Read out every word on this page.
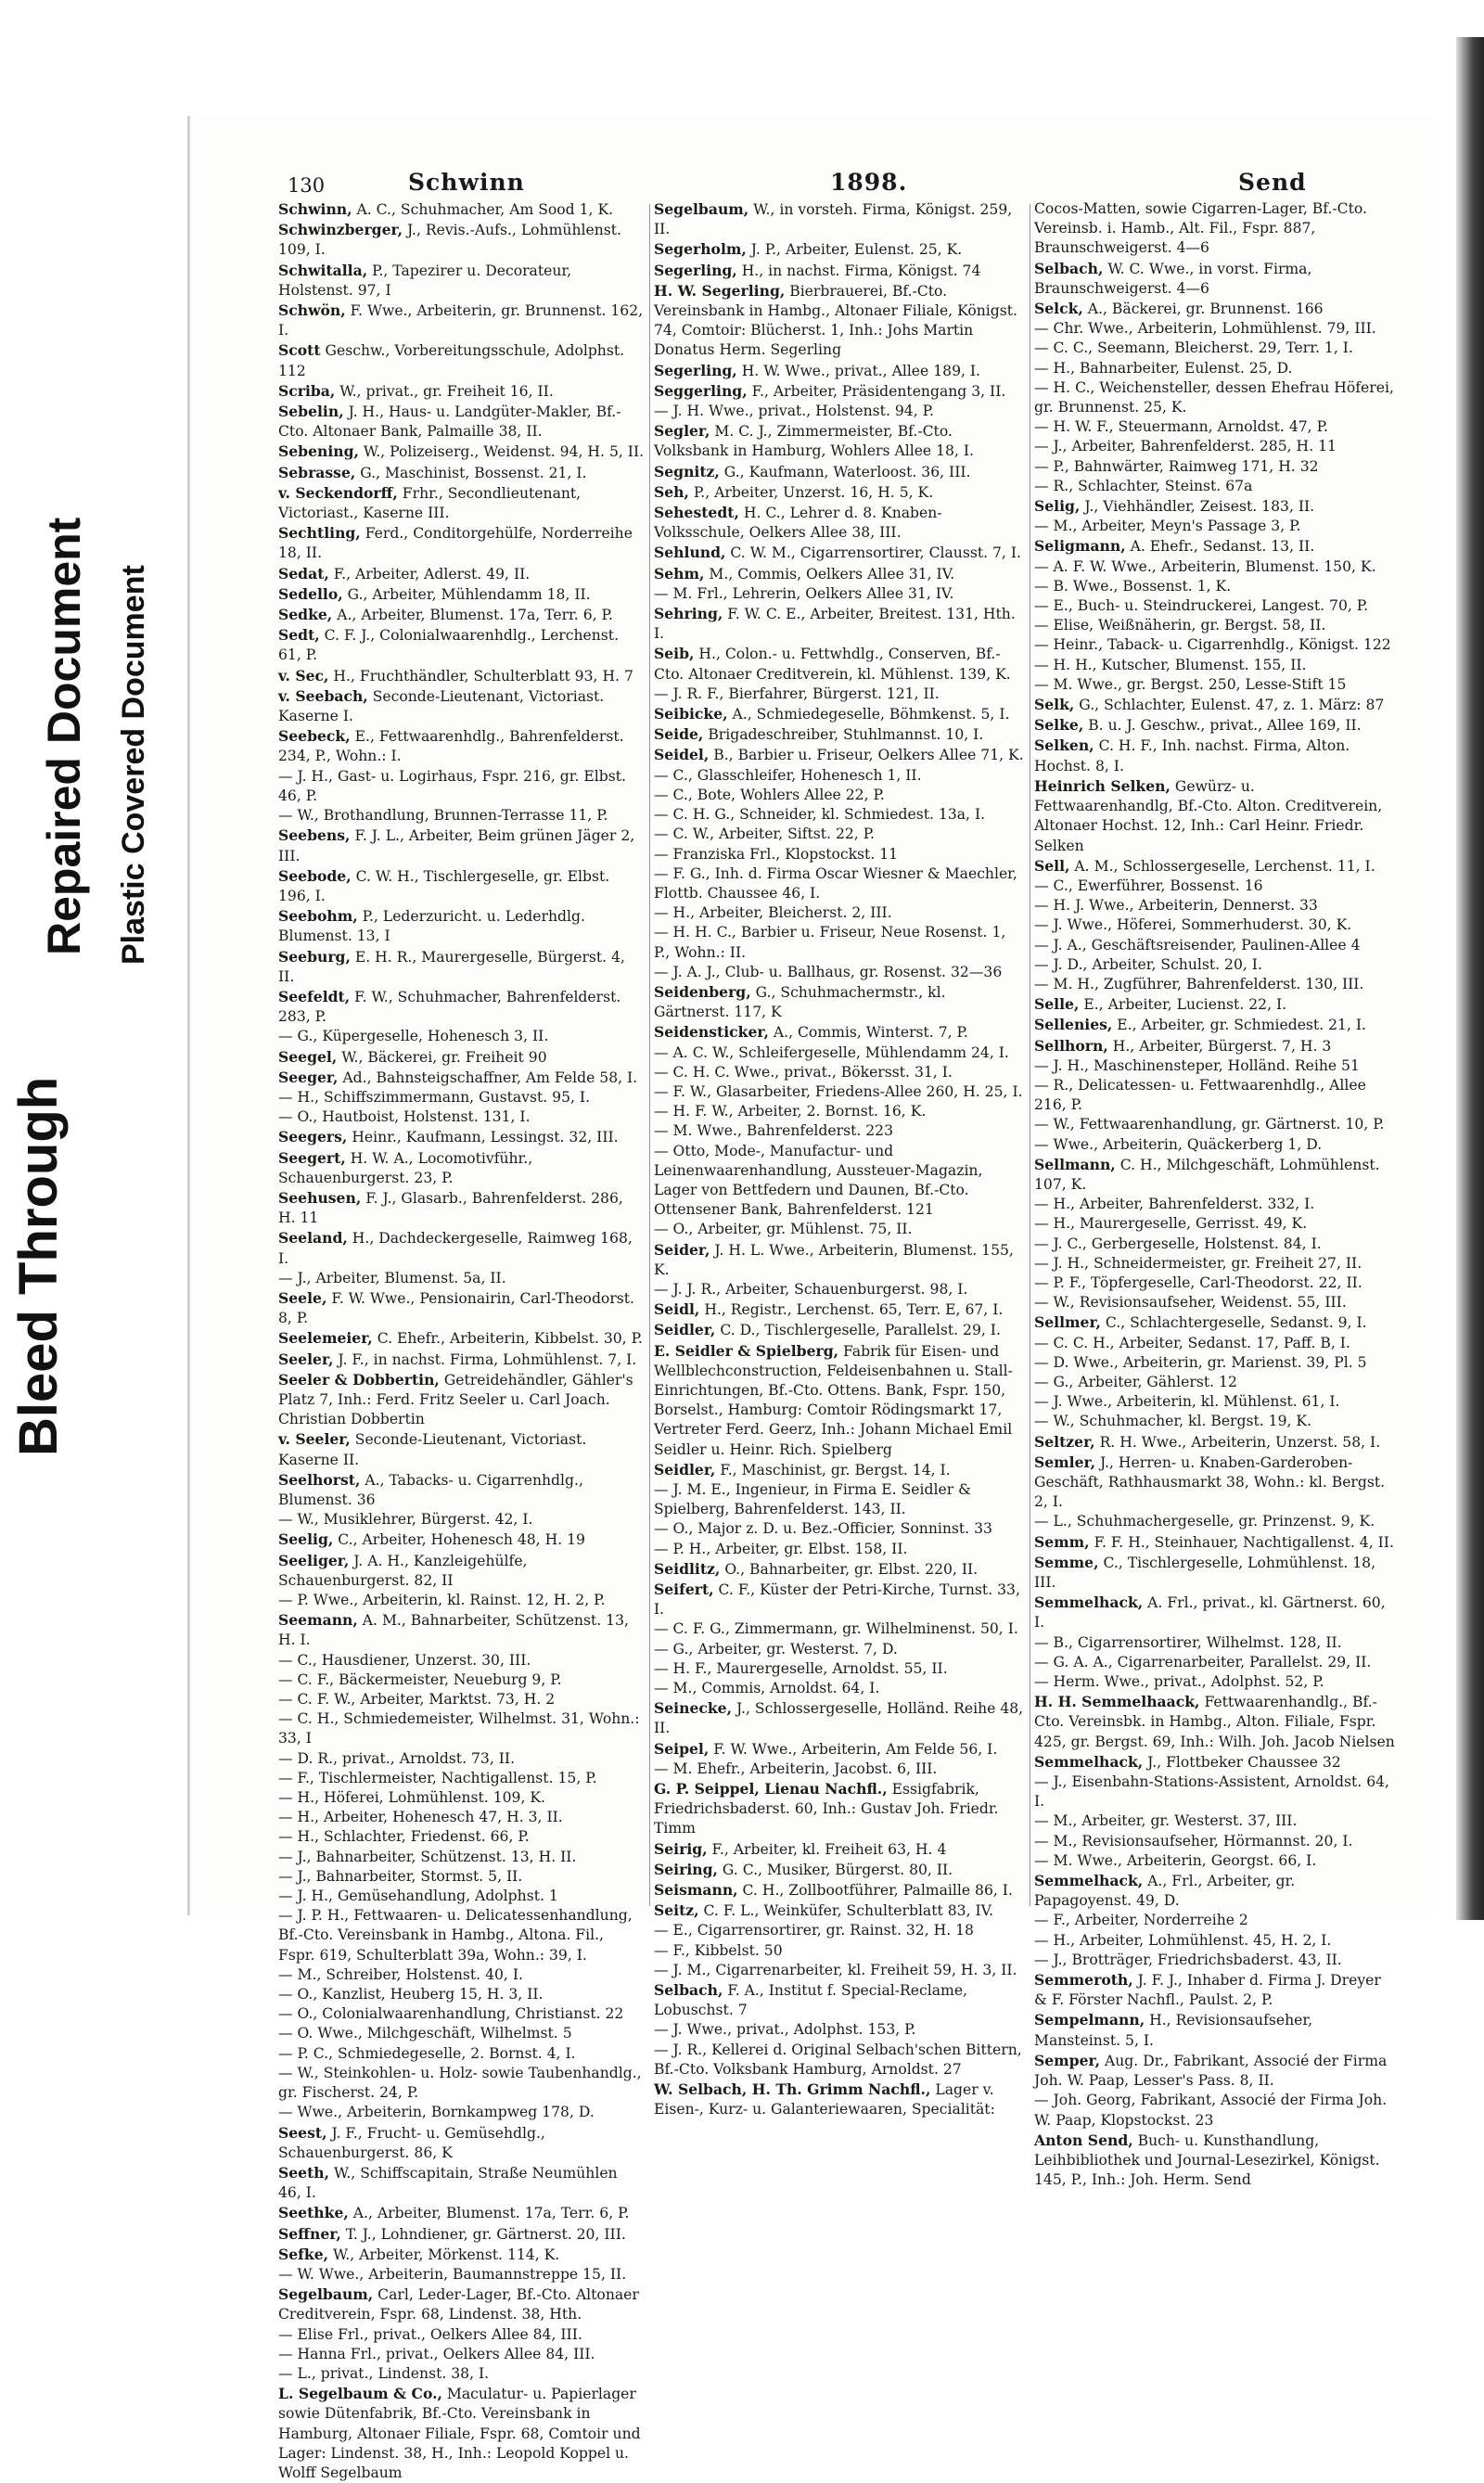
Bleed Through
Repaired Document Plastic Covered Document
130	Schwinn	1898.	Send

Schwinn, A. C., Schuhmacher, Am Sood 1, K.

Schwinzberger, J., Revis.-Aufs., Lohmühlenst. 109, I.

Schwitalla, P., Tapezirer u. Decorateur, Holstenst. 97, I

Schwön, F. Wwe., Arbeiterin, gr. Brunnenst. 162, I.

Scott Geschw., Vorbereitungsschule, Adolphst. 112

Scriba, W., privat., gr. Freiheit 16, II.

Sebelin, J. H., Haus- u. Landgüter-Makler, Bf.-Cto. Altonaer Bank, Palmaille 38, II.

Sebening, W., Polizeiserg., Weidenst. 94, H. 5, II.

Sebrasse, G., Maschinist, Bossenst. 21, I.

v. Seckendorff, Frhr., Secondlieutenant, Victoriast., Kaserne III.

Sechtling, Ferd., Conditorgehülfe, Norderreihe 18, II.

Sedat, F., Arbeiter, Adlerst. 49, II.

Sedello, G., Arbeiter, Mühlendamm 18, II.

Sedke, A., Arbeiter, Blumenst. 17a, Terr. 6, P.

Sedt, C. F. J., Colonialwaarenhdlg., Lerchenst. 61, P.

v. Sec, H., Fruchthändler, Schulterblatt 93, H. 7

v. Seebach, Seconde-Lieutenant, Victoriast. Kaserne I.

Seebeck, E., Fettwaarenhdlg., Bahrenfelderst. 234, P., Wohn.: I.

— J. H., Gast- u. Logirhaus, Fspr. 216, gr. Elbst. 46, P.

— W., Brothandlung, Brunnen-Terrasse 11, P.

Seebens, F. J. L., Arbeiter, Beim grünen Jäger 2, III.

Seebode, C. W. H., Tischlergeselle, gr. Elbst. 196, I.

Seebohm, P., Lederzuricht. u. Lederhdlg. Blumenst. 13, I

Seeburg, E. H. R., Maurergeselle, Bürgerst. 4, II.

Seefeldt, F. W., Schuhmacher, Bahrenfelderst. 283, P.

— G., Küpergeselle, Hohenesch 3, II.

Seegel, W., Bäckerei, gr. Freiheit 90

Seeger, Ad., Bahnsteigschaffner, Am Felde 58, I.

— H., Schiffszimmermann, Gustavst. 95, I.

— O., Hautboist, Holstenst. 131, I.

Seegers, Heinr., Kaufmann, Lessingst. 32, III.

Seegert, H. W. A., Locomotivführ., Schauenburgerst. 23, P.

Seehusen, F. J., Glasarb., Bahrenfelderst. 286, H. 11

Seeland, H., Dachdeckergeselle, Raimweg 168, I.

— J., Arbeiter, Blumenst. 5a, II.

Seele, F. W. Wwe., Pensionairin, Carl-Theodorst. 8, P.

Seelemeier, C. Ehefr., Arbeiterin, Kibbelst. 30, P.

Seeler, J. F., in nachst. Firma, Lohmühlenst. 7, I.

Seeler & Dobbertin, Getreidehändler, Gähler's Platz 7, Inh.: Ferd. Fritz Seeler u. Carl Joach. Christian Dobbertin

v. Seeler, Seconde-Lieutenant, Victoriast. Kaserne II.

Seelhorst, A., Tabacks- u. Cigarrenhdlg., Blumenst. 36

— W., Musiklehrer, Bürgerst. 42, I.

Seelig, C., Arbeiter, Hohenesch 48, H. 19

Seeliger, J. A. H., Kanzleigehülfe, Schauenburgerst. 82, II

— P. Wwe., Arbeiterin, kl. Rainst. 12, H. 2, P.

Seemann, A. M., Bahnarbeiter, Schützenst. 13, H. I.

— C., Hausdiener, Unzerst. 30, III.

— C. F., Bäckermeister, Neueburg 9, P.

— C. F. W., Arbeiter, Marktst. 73, H. 2

— C. H., Schmiedemeister, Wilhelmst. 31, Wohn.: 33, I

— D. R., privat., Arnoldst. 73, II.

— F., Tischlermeister, Nachtigallenst. 15, P.

— H., Höferei, Lohmühlenst. 109, K.

— H., Arbeiter, Hohenesch 47, H. 3, II.

— H., Schlachter, Friedenst. 66, P.

— J., Bahnarbeiter, Schützenst. 13, H. II.

— J., Bahnarbeiter, Stormst. 5, II.

— J. H., Gemüsehandlung, Adolphst. 1

— J. P. H., Fettwaaren- u. Delicatessenhandlung, Bf.-Cto. Vereinsbank in Hambg., Altona. Fil., Fspr. 619, Schulterblatt 39a, Wohn.: 39, I.

— M., Schreiber, Holstenst. 40, I.

— O., Kanzlist, Heuberg 15, H. 3, II.

— O., Colonialwaarenhandlung, Christianst. 22

— O. Wwe., Milchgeschäft, Wilhelmst. 5

— P. C., Schmiedegeselle, 2. Bornst. 4, I.

— W., Steinkohlen- u. Holz- sowie Taubenhandlg., gr. Fischerst. 24, P.

— Wwe., Arbeiterin, Bornkampweg 178, D.

Seest, J. F., Frucht- u. Gemüsehdlg., Schauenburgerst. 86, K

Seeth, W., Schiffscapitain, Straße Neumühlen 46, I.

Seethke, A., Arbeiter, Blumenst. 17a, Terr. 6, P.

Seffner, T. J., Lohndiener, gr. Gärtnerst. 20, III.

Sefke, W., Arbeiter, Mörkenst. 114, K.

— W. Wwe., Arbeiterin, Baumannstreppe 15, II.

Segelbaum, Carl, Leder-Lager, Bf.-Cto. Altonaer Creditverein, Fspr. 68, Lindenst. 38, Hth.

— Elise Frl., privat., Oelkers Allee 84, III.

— Hanna Frl., privat., Oelkers Allee 84, III.

— L., privat., Lindenst. 38, I.

L. Segelbaum & Co., Maculatur- u. Papierlager sowie Dütenfabrik, Bf.-Cto. Vereinsbank in Hamburg, Altonaer Filiale, Fspr. 68, Comtoir und Lager: Lindenst. 38, H., Inh.: Leopold Koppel u. Wolff Segelbaum

Segelbaum, W., in vorsteh. Firma, Königst. 259, II.

Segerholm, J. P., Arbeiter, Eulenst. 25, K.

Segerling, H., in nachst. Firma, Königst. 74

H. W. Segerling, Bierbrauerei, Bf.-Cto. Vereinsbank in Hambg., Altonaer Filiale, Königst. 74, Comtoir: Blücherst. 1, Inh.: Johs Martin Donatus Herm. Segerling

Segerling, H. W. Wwe., privat., Allee 189, I.

Seggerling, F., Arbeiter, Präsidentengang 3, II.

— J. H. Wwe., privat., Holstenst. 94, P.

Segler, M. C. J., Zimmermeister, Bf.-Cto. Volksbank in Hamburg, Wohlers Allee 18, I.

Segnitz, G., Kaufmann, Waterloost. 36, III.

Seh, P., Arbeiter, Unzerst. 16, H. 5, K.

Sehestedt, H. C., Lehrer d. 8. Knaben-Volksschule, Oelkers Allee 38, III.

Sehlund, C. W. M., Cigarrensortirer, Clausst. 7, I.

Sehm, M., Commis, Oelkers Allee 31, IV.

— M. Frl., Lehrerin, Oelkers Allee 31, IV.

Sehring, F. W. C. E., Arbeiter, Breitest. 131, Hth. I.

Seib, H., Colon.- u. Fettwhdlg., Conserven, Bf.-Cto. Altonaer Creditverein, kl. Mühlenst. 139, K.

— J. R. F., Bierfahrer, Bürgerst. 121, II.

Seibicke, A., Schmiedegeselle, Böhmkenst. 5, I.

Seide, Brigadeschreiber, Stuhlmannst. 10, I.

Seidel, B., Barbier u. Friseur, Oelkers Allee 71, K.

— C., Glasschleifer, Hohenesch 1, II.

— C., Bote, Wohlers Allee 22, P.

— C. H. G., Schneider, kl. Schmiedest. 13a, I.

— C. W., Arbeiter, Siftst. 22, P.

— Franziska Frl., Klopstockst. 11

— F. G., Inh. d. Firma Oscar Wiesner & Maechler, Flottb. Chaussee 46, I.

— H., Arbeiter, Bleicherst. 2, III.

— H. H. C., Barbier u. Friseur, Neue Rosenst. 1, P., Wohn.: II.

— J. A. J., Club- u. Ballhaus, gr. Rosenst. 32—36

Seidenberg, G., Schuhmachermstr., kl. Gärtnerst. 117, K

Seidensticker, A., Commis, Winterst. 7, P.

— A. C. W., Schleifergeselle, Mühlendamm 24, I.

— C. H. C. Wwe., privat., Bökersst. 31, I.

— F. W., Glasarbeiter, Friedens-Allee 260, H. 25, I.

— H. F. W., Arbeiter, 2. Bornst. 16, K.

— M. Wwe., Bahrenfelderst. 223

— Otto, Mode-, Manufactur- und Leinenwaarenhandlung, Aussteuer-Magazin, Lager von Bettfedern und Daunen, Bf.-Cto. Ottensener Bank, Bahrenfelderst. 121

— O., Arbeiter, gr. Mühlenst. 75, II.

Seider, J. H. L. Wwe., Arbeiterin, Blumenst. 155, K.

— J. J. R., Arbeiter, Schauenburgerst. 98, I.

Seidl, H., Registr., Lerchenst. 65, Terr. E, 67, I.

Seidler, C. D., Tischlergeselle, Parallelst. 29, I.

E. Seidler & Spielberg, Fabrik für Eisen- und Wellblechconstruction, Feldeisenbahnen u. Stall-Einrichtungen, Bf.-Cto. Ottens. Bank, Fspr. 150, Borselst., Hamburg: Comtoir Rödingsmarkt 17, Vertreter Ferd. Geerz, Inh.: Johann Michael Emil Seidler u. Heinr. Rich. Spielberg

Seidler, F., Maschinist, gr. Bergst. 14, I.

— J. M. E., Ingenieur, in Firma E. Seidler & Spielberg, Bahrenfelderst. 143, II.

— O., Major z. D. u. Bez.-Officier, Sonninst. 33

— P. H., Arbeiter, gr. Elbst. 158, II.

Seidlitz, O., Bahnarbeiter, gr. Elbst. 220, II.

Seifert, C. F., Küster der Petri-Kirche, Turnst. 33, I.

— C. F. G., Zimmermann, gr. Wilhelminenst. 50, I.

— G., Arbeiter, gr. Westerst. 7, D.

— H. F., Maurergeselle, Arnoldst. 55, II.

— M., Commis, Arnoldst. 64, I.

Seinecke, J., Schlossergeselle, Holländ. Reihe 48, II.

Seipel, F. W. Wwe., Arbeiterin, Am Felde 56, I.

— M. Ehefr., Arbeiterin, Jacobst. 6, III.

G. P. Seippel, Lienau Nachfl., Essigfabrik, Friedrichsbaderst. 60, Inh.: Gustav Joh. Friedr. Timm

Seirig, F., Arbeiter, kl. Freiheit 63, H. 4

Seiring, G. C., Musiker, Bürgerst. 80, II.

Seismann, C. H., Zollbootführer, Palmaille 86, I.

Seitz, C. F. L., Weinküfer, Schulterblatt 83, IV.

— E., Cigarrensortirer, gr. Rainst. 32, H. 18

— F., Kibbelst. 50

— J. M., Cigarrenarbeiter, kl. Freiheit 59, H. 3, II.

Selbach, F. A., Institut f. Special-Reclame, Lobuschst. 7

— J. Wwe., privat., Adolphst. 153, P.

— J. R., Kellerei d. Original Selbach'schen Bittern, Bf.-Cto. Volksbank Hamburg, Arnoldst. 27

W. Selbach, H. Th. Grimm Nachfl., Lager v. Eisen-, Kurz- u. Galanteriewaaren, Specialität:

Cocos-Matten, sowie Cigarren-Lager, Bf.-Cto. Vereinsb. i. Hamb., Alt. Fil., Fspr. 887, Braunschweigerst. 4—6

Selbach, W. C. Wwe., in vorst. Firma, Braunschweigerst. 4—6

Selck, A., Bäckerei, gr. Brunnenst. 166

— Chr. Wwe., Arbeiterin, Lohmühlenst. 79, III.

— C. C., Seemann, Bleicherst. 29, Terr. 1, I.

— H., Bahnarbeiter, Eulenst. 25, D.

— H. C., Weichensteller, dessen Ehefrau Höferei, gr. Brunnenst. 25, K.

— H. W. F., Steuermann, Arnoldst. 47, P.

— J., Arbeiter, Bahrenfelderst. 285, H. 11

— P., Bahnwärter, Raimweg 171, H. 32

— R., Schlachter, Steinst. 67a

Selig, J., Viehhändler, Zeisest. 183, II.

— M., Arbeiter, Meyn's Passage 3, P.

Seligmann, A. Ehefr., Sedanst. 13, II.

— A. F. W. Wwe., Arbeiterin, Blumenst. 150, K.

— B. Wwe., Bossenst. 1, K.

— E., Buch- u. Steindruckerei, Langest. 70, P.

— Elise, Weißnäherin, gr. Bergst. 58, II.

— Heinr., Taback- u. Cigarrenhdlg., Königst. 122

— H. H., Kutscher, Blumenst. 155, II.

— M. Wwe., gr. Bergst. 250, Lesse-Stift 15

Selk, G., Schlachter, Eulenst. 47, z. 1. März: 87

Selke, B. u. J. Geschw., privat., Allee 169, II.

Selken, C. H. F., Inh. nachst. Firma, Alton. Hochst. 8, I.

Heinrich Selken, Gewürz- u. Fettwaarenhandlg, Bf.-Cto. Alton. Creditverein, Altonaer Hochst. 12, Inh.: Carl Heinr. Friedr. Selken

Sell, A. M., Schlossergeselle, Lerchenst. 11, I.

— C., Ewerführer, Bossenst. 16

— H. J. Wwe., Arbeiterin, Dennerst. 33

— J. Wwe., Höferei, Sommerhuderst. 30, K.

— J. A., Geschäftsreisender, Paulinen-Allee 4

— J. D., Arbeiter, Schulst. 20, I.

— M. H., Zugführer, Bahrenfelderst. 130, III.

Selle, E., Arbeiter, Lucienst. 22, I.

Sellenies, E., Arbeiter, gr. Schmiedest. 21, I.

Sellhorn, H., Arbeiter, Bürgerst. 7, H. 3

— J. H., Maschinensteper, Holländ. Reihe 51

— R., Delicatessen- u. Fettwaarenhdlg., Allee 216, P.

— W., Fettwaarenhandlung, gr. Gärtnerst. 10, P.

— Wwe., Arbeiterin, Quäckerberg 1, D.

Sellmann, C. H., Milchgeschäft, Lohmühlenst. 107, K.

— H., Arbeiter, Bahrenfelderst. 332, I.

— H., Maurergeselle, Gerrisst. 49, K.

— J. C., Gerbergeselle, Holstenst. 84, I.

— J. H., Schneidermeister, gr. Freiheit 27, II.

— P. F., Töpfergeselle, Carl-Theodorst. 22, II.

— W., Revisionsaufseher, Weidenst. 55, III.

Sellmer, C., Schlachtergeselle, Sedanst. 9, I.

— C. C. H., Arbeiter, Sedanst. 17, Paff. B, I.

— D. Wwe., Arbeiterin, gr. Marienst. 39, Pl. 5

— G., Arbeiter, Gählerst. 12

— J. Wwe., Arbeiterin, kl. Mühlenst. 61, I.

— W., Schuhmacher, kl. Bergst. 19, K.

Seltzer, R. H. Wwe., Arbeiterin, Unzerst. 58, I.

Semler, J., Herren- u. Knaben-Garderoben-Geschäft, Rathhausmarkt 38, Wohn.: kl. Bergst. 2, I.

— L., Schuhmachergeselle, gr. Prinzenst. 9, K.

Semm, F. F. H., Steinhauer, Nachtigallenst. 4, II.

Semme, C., Tischlergeselle, Lohmühlenst. 18, III.

Semmelhack, A. Frl., privat., kl. Gärtnerst. 60, I.

— B., Cigarrensortirer, Wilhelmst. 128, II.

— G. A. A., Cigarrenarbeiter, Parallelst. 29, II.

— Herm. Wwe., privat., Adolphst. 52, P.

H. H. Semmelhaack, Fettwaarenhandlg., Bf.-Cto. Vereinsbk. in Hambg., Alton. Filiale, Fspr. 425, gr. Bergst. 69, Inh.: Wilh. Joh. Jacob Nielsen

Semmelhack, J., Flottbeker Chaussee 32

— J., Eisenbahn-Stations-Assistent, Arnoldst. 64, I.

— M., Arbeiter, gr. Westerst. 37, III.

— M., Revisionsaufseher, Hörmannst. 20, I.

— M. Wwe., Arbeiterin, Georgst. 66, I.

Semmelhack, A., Frl., Arbeiter, gr. Papagoyenst. 49, D.

— F., Arbeiter, Norderreihe 2

— H., Arbeiter, Lohmühlenst. 45, H. 2, I.

— J., Brotträger, Friedrichsbaderst. 43, II.

Semmeroth, J. F. J., Inhaber d. Firma J. Dreyer & F. Förster Nachfl., Paulst. 2, P.

Sempelmann, H., Revisionsaufseher, Mansteinst. 5, I.

Semper, Aug. Dr., Fabrikant, Associé der Firma Joh. W. Paap, Lesser's Pass. 8, II.

— Joh. Georg, Fabrikant, Associé der Firma Joh. W. Paap, Klopstockst. 23

Anton Send, Buch- u. Kunsthandlung, Leihbibliothek und Journal-Lesezirkel, Königst. 145, P., Inh.: Joh. Herm. Send
